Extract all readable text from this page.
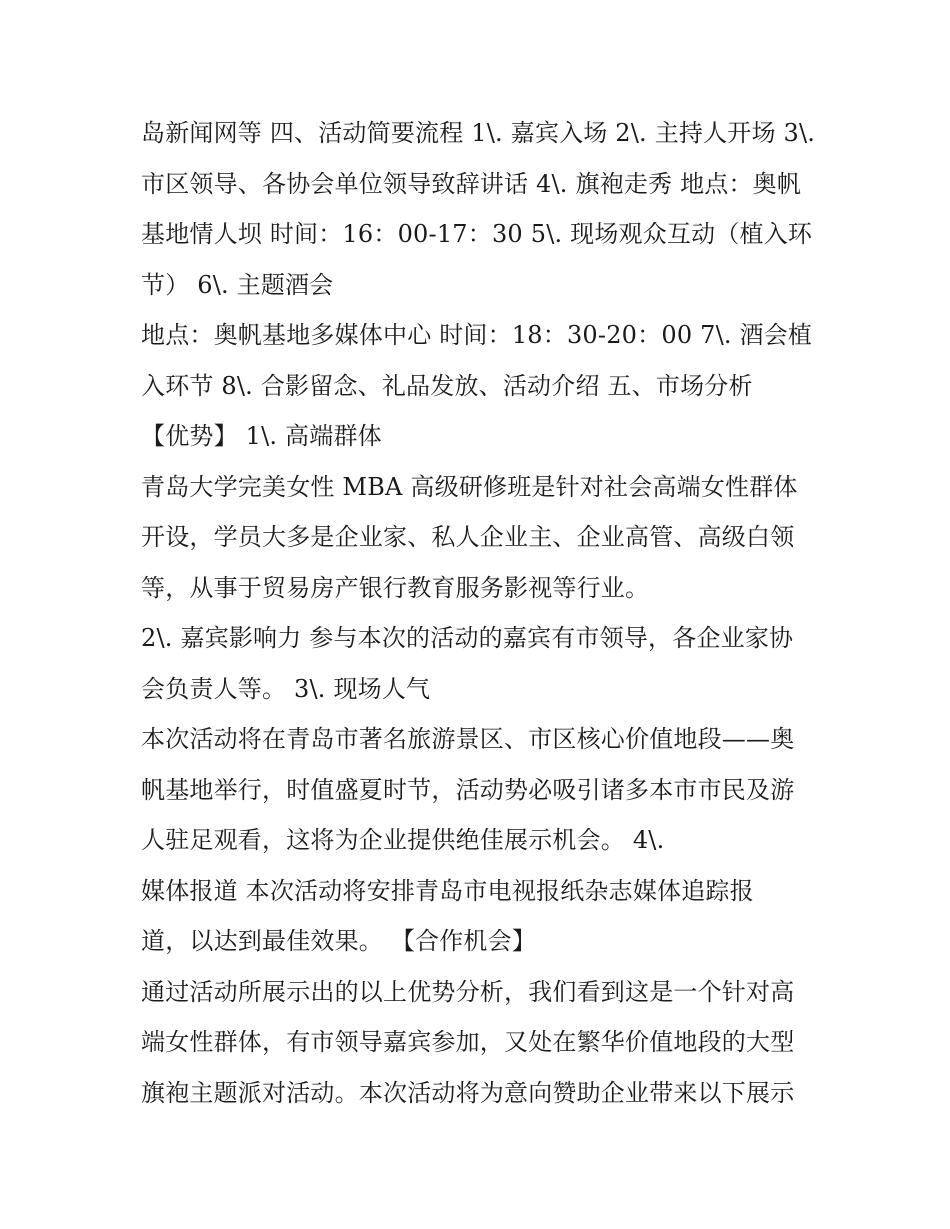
岛新闻网等 四、活动简要流程 1\. 嘉宾入场 2\. 主持人开场 3\.
市区领导、各协会单位领导致辞讲话 4\. 旗袍走秀 地点：奥帆
基地情人坝 时间：16：00-17：30 5\. 现场观众互动（植入环
节） 6\. 主题酒会
地点：奥帆基地多媒体中心 时间：18：30-20：00 7\. 酒会植
入环节 8\. 合影留念、礼品发放、活动介绍 五、市场分析
【优势】 1\. 高端群体
青岛大学完美女性 MBA 高级研修班是针对社会高端女性群体
开设，学员大多是企业家、私人企业主、企业高管、高级白领
等，从事于贸易房产银行教育服务影视等行业。
2\. 嘉宾影响力 参与本次的活动的嘉宾有市领导，各企业家协
会负责人等。 3\. 现场人气
本次活动将在青岛市著名旅游景区、市区核心价值地段——奥
帆基地举行，时值盛夏时节，活动势必吸引诸多本市市民及游
人驻足观看，这将为企业提供绝佳展示机会。 4\.
媒体报道 本次活动将安排青岛市电视报纸杂志媒体追踪报
道，以达到最佳效果。 【合作机会】
通过活动所展示出的以上优势分析，我们看到这是一个针对高
端女性群体，有市领导嘉宾参加，又处在繁华价值地段的大型
旗袍主题派对活动。本次活动将为意向赞助企业带来以下展示
